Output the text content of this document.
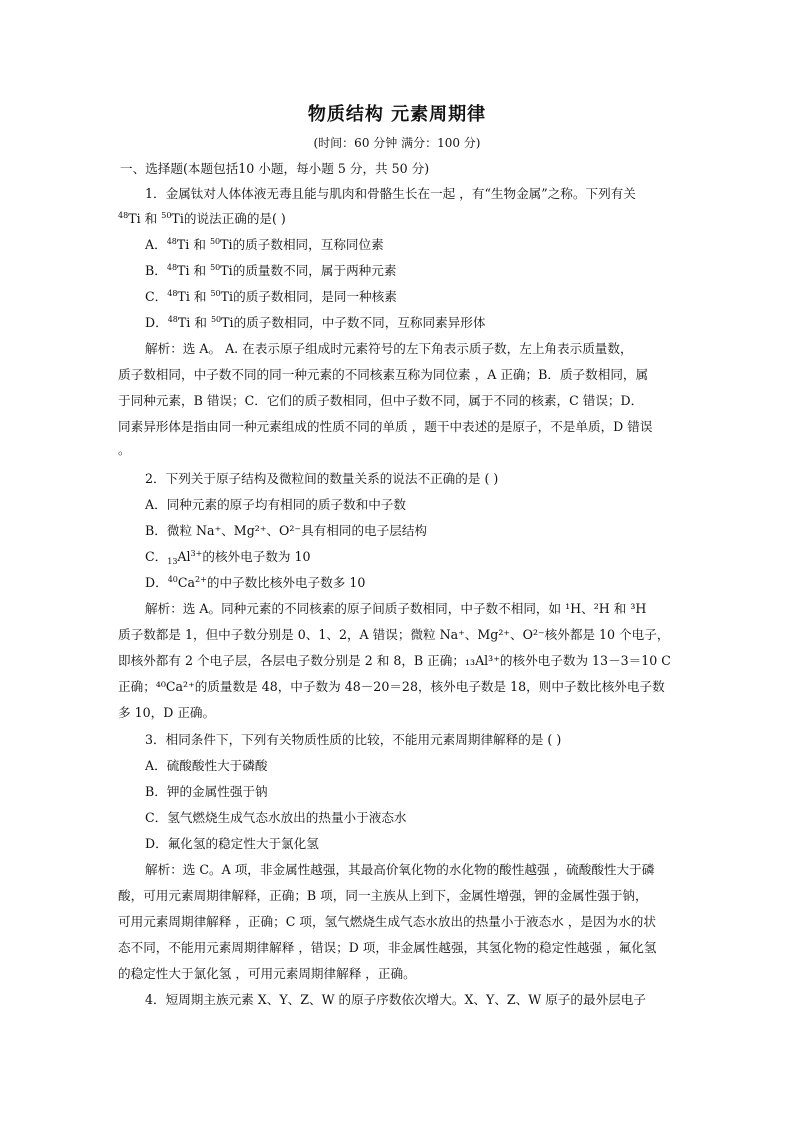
物质结构 元素周期律
(时间：60 分钟 满分：100 分)
一、选择题(本题包括10 小题，每小题 5 分，共 50 分)
1．金属钛对人体体液无毒且能与肌肉和骨骼生长在一起 ，有“生物金属”之称。下列有关
$^{48}$Ti 和 $^{50}$Ti的说法正确的是( )
A．$^{48}$Ti 和 $^{50}$Ti的质子数相同，互称同位素
B．$^{48}$Ti 和 $^{50}$Ti的质量数不同，属于两种元素
C．$^{48}$Ti 和 $^{50}$Ti的质子数相同，是同一种核素
D．$^{48}$Ti 和 $^{50}$Ti的质子数相同，中子数不同，互称同素异形体
解析：选 A。 A. 在表示原子组成时元素符号的左下角表示质子数，左上角表示质量数，
质子数相同，中子数不同的同一种元素的不同核素互称为同位素 ，A 正确；B．质子数相同，属
于同种元素，B 错误；C．它们的质子数相同，但中子数不同，属于不同的核素，C 错误；D．
同素异形体是指由同一种元素组成的性质不同的单质 ，题干中表述的是原子，不是单质，D 错误
。
2．下列关于原子结构及微粒间的数量关系的说法不正确的是 ( )
A．同种元素的原子均有相同的质子数和中子数
B．微粒 Na⁺、Mg²⁺、O²⁻具有相同的电子层结构
C．$_{13}Al^{3+}$的核外电子数为 10
D．$^{40}Ca^{2+}$的中子数比核外电子数多 10
解析：选 A。同种元素的不同核素的原子间质子数相同，中子数不相同，如 ¹H、²H 和 ³H
质子数都是 1，但中子数分别是 0、1、2，A 错误；微粒 Na⁺、Mg²⁺、O²⁻核外都是 10 个电子，
即核外都有 2 个电子层，各层电子数分别是 2 和 8，B 正确；₁₃Al³⁺的核外电子数为 13－3＝10 C
正确；⁴⁰Ca²⁺的质量数是 48，中子数为 48－20＝28，核外电子数是 18，则中子数比核外电子数
多 10，D 正确。
3．相同条件下，下列有关物质性质的比较，不能用元素周期律解释的是 ( )
A．硫酸酸性大于磷酸
B．钾的金属性强于钠
C．氢气燃烧生成气态水放出的热量小于液态水
D．氟化氢的稳定性大于氯化氢
解析：选 C。A 项，非金属性越强，其最高价氧化物的水化物的酸性越强 ，硫酸酸性大于磷
酸，可用元素周期律解释，正确；B 项，同一主族从上到下，金属性增强，钾的金属性强于钠，
可用元素周期律解释 ，正确；C 项，氢气燃烧生成气态水放出的热量小于液态水 ，是因为水的状
态不同，不能用元素周期律解释 ，错误；D 项，非金属性越强，其氢化物的稳定性越强 ，氟化氢
的稳定性大于氯化氢 ，可用元素周期律解释 ，正确。
4．短周期主族元素 X、Y、Z、W 的原子序数依次增大。X、Y、Z、W 原子的最外层电子
